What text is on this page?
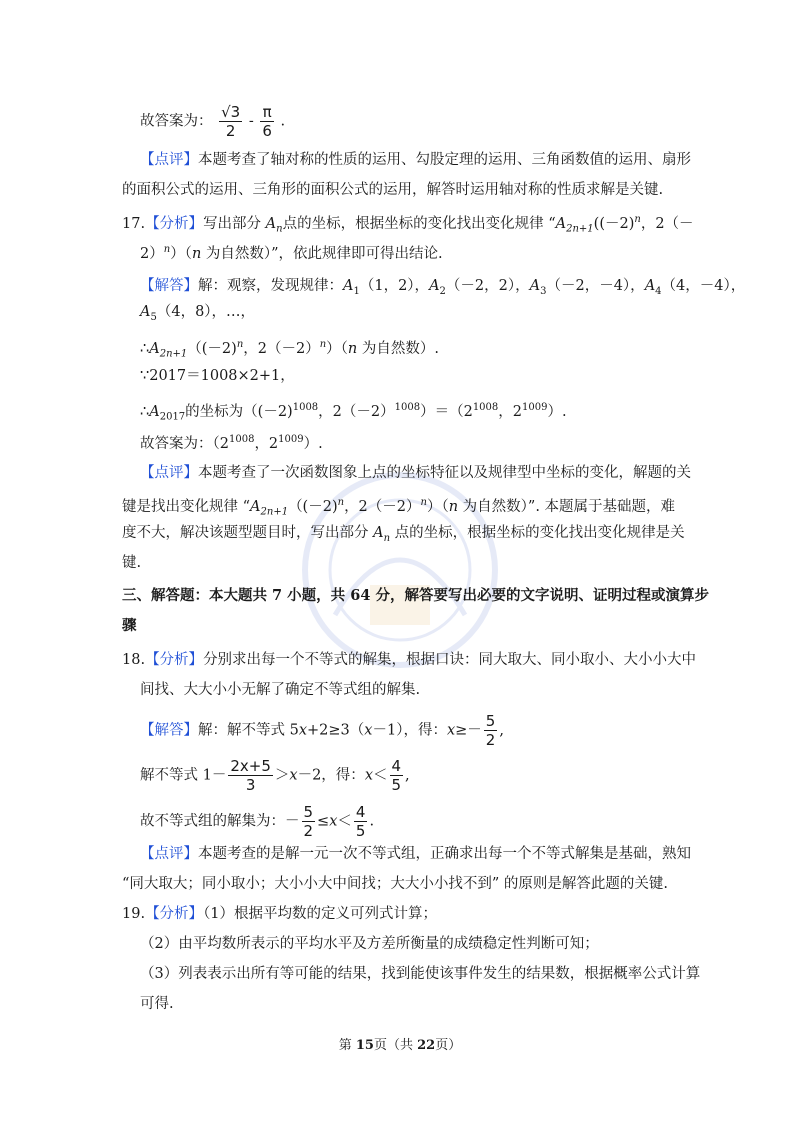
故答案为： $\frac{√3}{2} - \frac{\pi}{6}$ .
【点评】本题考查了轴对称的性质的运用、勾股定理的运用、三角函数值的运用、扇形
的面积公式的运用、三角形的面积公式的运用，解答时运用轴对称的性质求解是关键.
17.【分析】写出部分 $A_n$点的坐标，根据坐标的变化找出变化规律 “$A_{2n+1}((-2)^n$，2（－
2）$^n$）（n 为自然数）”，依此规律即可得出结论.
【解答】解：观察，发现规律：$A_1(1$，2），$A_2(-2$，2），$A_3(-2$，－4），$A_4(4$，－4），
$A_5(4$，8），…，
$\therefore A_{2n+1}((-2)^n$，$2(-2)^n)(n$ 为自然数）.
∵2017＝1008×2+1，
$\therefore A_{2017}$的坐标为（$(-2)^{1008}$，$2(-2)^{1008})=(2^{1008}$，$2^{1009}$）.
故答案为：（$2^{1008}$，$2^{1009}$）.
【点评】本题考查了一次函数图象上点的坐标特征以及规律型中坐标的变化，解题的关
键是找出变化规律 “$A_{2n+1}((-2)^n$，$2(-2)^n)(n$ 为自然数）”. 本题属于基础题，难
度不大，解决该题型题目时，写出部分 $A_n$ 点的坐标，根据坐标的变化找出变化规律是关
键.
三、解答题：本大题共 7 小题，共 64 分，解答要写出必要的文字说明、证明过程或演算步
骤
18.【分析】分别求出每一个不等式的解集，根据口诀：同大取大、同小取小、大小小大中
间找、大大小小无解了确定不等式组的解集.
【解答】解：解不等式 5x+2≥3（x－1），得：$x\ge- \frac{5}{2}$ ,
解不等式 $1- \frac{2x+5}{3} >x-2$，得：$x< \frac{4}{5}$ ,
故不等式组的解集为：－ $\frac{5}{2} \le x< \frac{4}{5}$ .
【点评】本题考查的是解一元一次不等式组，正确求出每一个不等式解集是基础，熟知
“同大取大；同小取小；大小小大中间找；大大小小找不到” 的原则是解答此题的关键.
19.【分析】（1）根据平均数的定义可列式计算；
（2）由平均数所表示的平均水平及方差所衡量的成绩稳定性判断可知；
（3）列表表示出所有等可能的结果，找到能使该事件发生的结果数，根据概率公式计算
可得.
第 15页（共 22页）
